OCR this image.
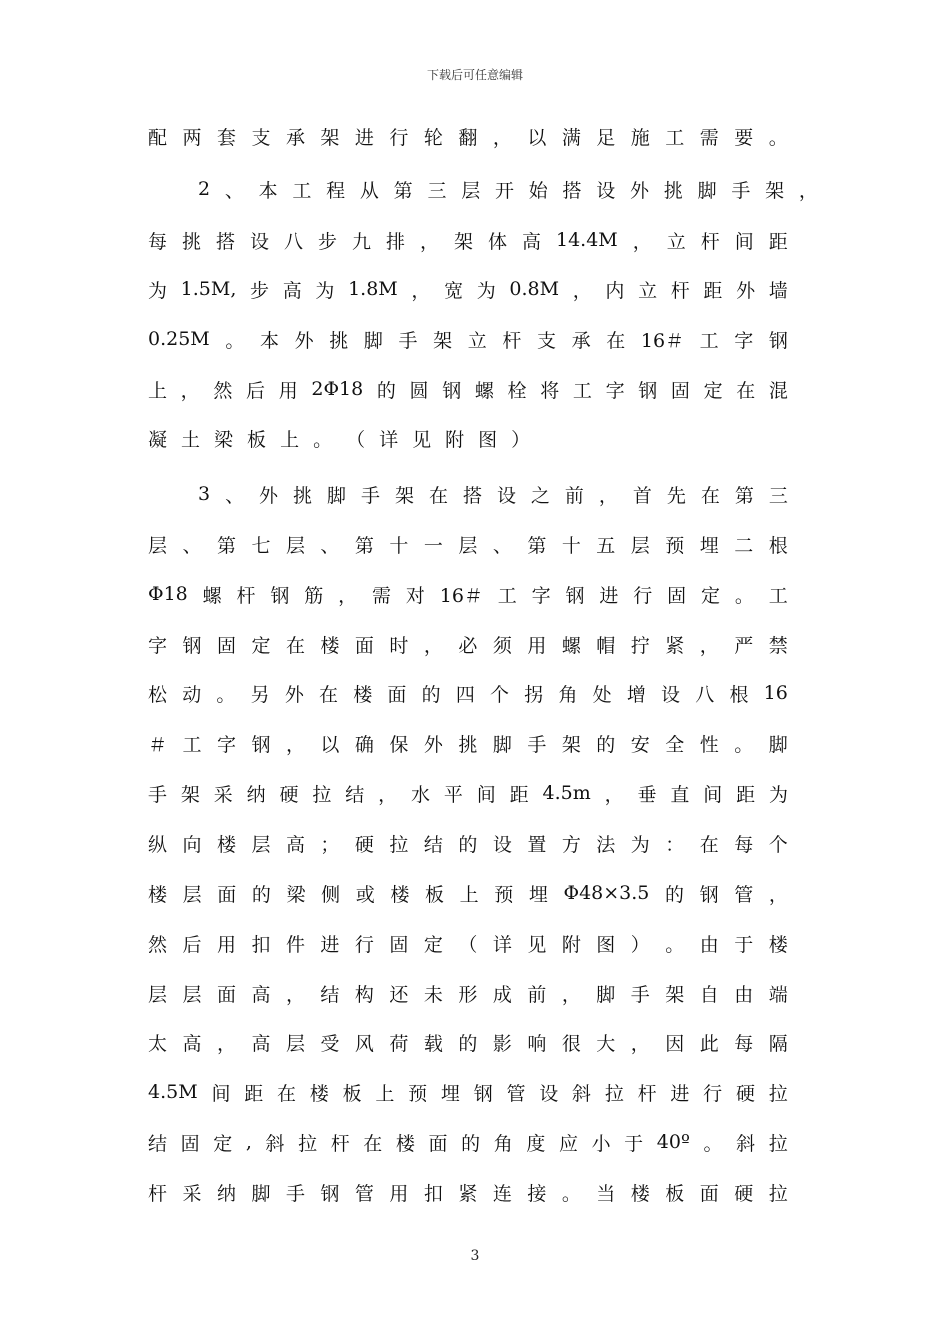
下载后可任意编辑
配 两 套 支 承 架 进 行 轮 翻 ， 以 满 足 施 工 需 要 。
2 、 本 工 程 从 第 三 层 开 始 搭 设 外 挑 脚 手 架 ，
每 挑 搭 设 八 步 九 排 ， 架 体 高 14.4M ， 立 杆 间 距
为 1.5M, 步 高 为 1.8M ， 宽 为 0.8M ， 内 立 杆 距 外 墙
0.25M 。 本 外 挑 脚 手 架 立 杆 支 承 在 16＃ 工 字 钢
上 ， 然 后 用 2Φ18 的 圆 钢 螺 栓 将 工 字 钢 固 定 在 混
凝 土 梁 板 上 。 （ 详 见 附 图 ）
3 、 外 挑 脚 手 架 在 搭 设 之 前 ， 首 先 在 第 三
层 、 第 七 层 、 第 十 一 层 、 第 十 五 层 预 埋 二 根
Φ18 螺 杆 钢 筋 ， 需 对 16＃ 工 字 钢 进 行 固 定 。 工
字 钢 固 定 在 楼 面 时 ， 必 须 用 螺 帽 拧 紧 ， 严 禁
松 动 。 另 外 在 楼 面 的 四 个 拐 角 处 增 设 八 根 16
＃ 工 字 钢 ， 以 确 保 外 挑 脚 手 架 的 安 全 性 。 脚
手 架 采 纳 硬 拉 结 ， 水 平 间 距 4.5m ， 垂 直 间 距 为
纵 向 楼 层 高 ； 硬 拉 结 的 设 置 方 法 为 ： 在 每 个
楼 层 面 的 梁 侧 或 楼 板 上 预 埋 Φ48×3.5 的 钢 管 ，
然 后 用 扣 件 进 行 固 定 （ 详 见 附 图 ） 。 由 于 楼
层 层 面 高 ， 结 构 还 未 形 成 前 ， 脚 手 架 自 由 端
太 高 ， 高 层 受 风 荷 载 的 影 响 很 大 ， 因 此 每 隔
4.5M 间 距 在 楼 板 上 预 埋 钢 管 设 斜 拉 杆 进 行 硬 拉
结 固 定 , 斜 拉 杆 在 楼 面 的 角 度 应 小 于 40º 。 斜 拉
杆 采 纳 脚 手 钢 管 用 扣 紧 连 接 。 当 楼 板 面 硬 拉
3
